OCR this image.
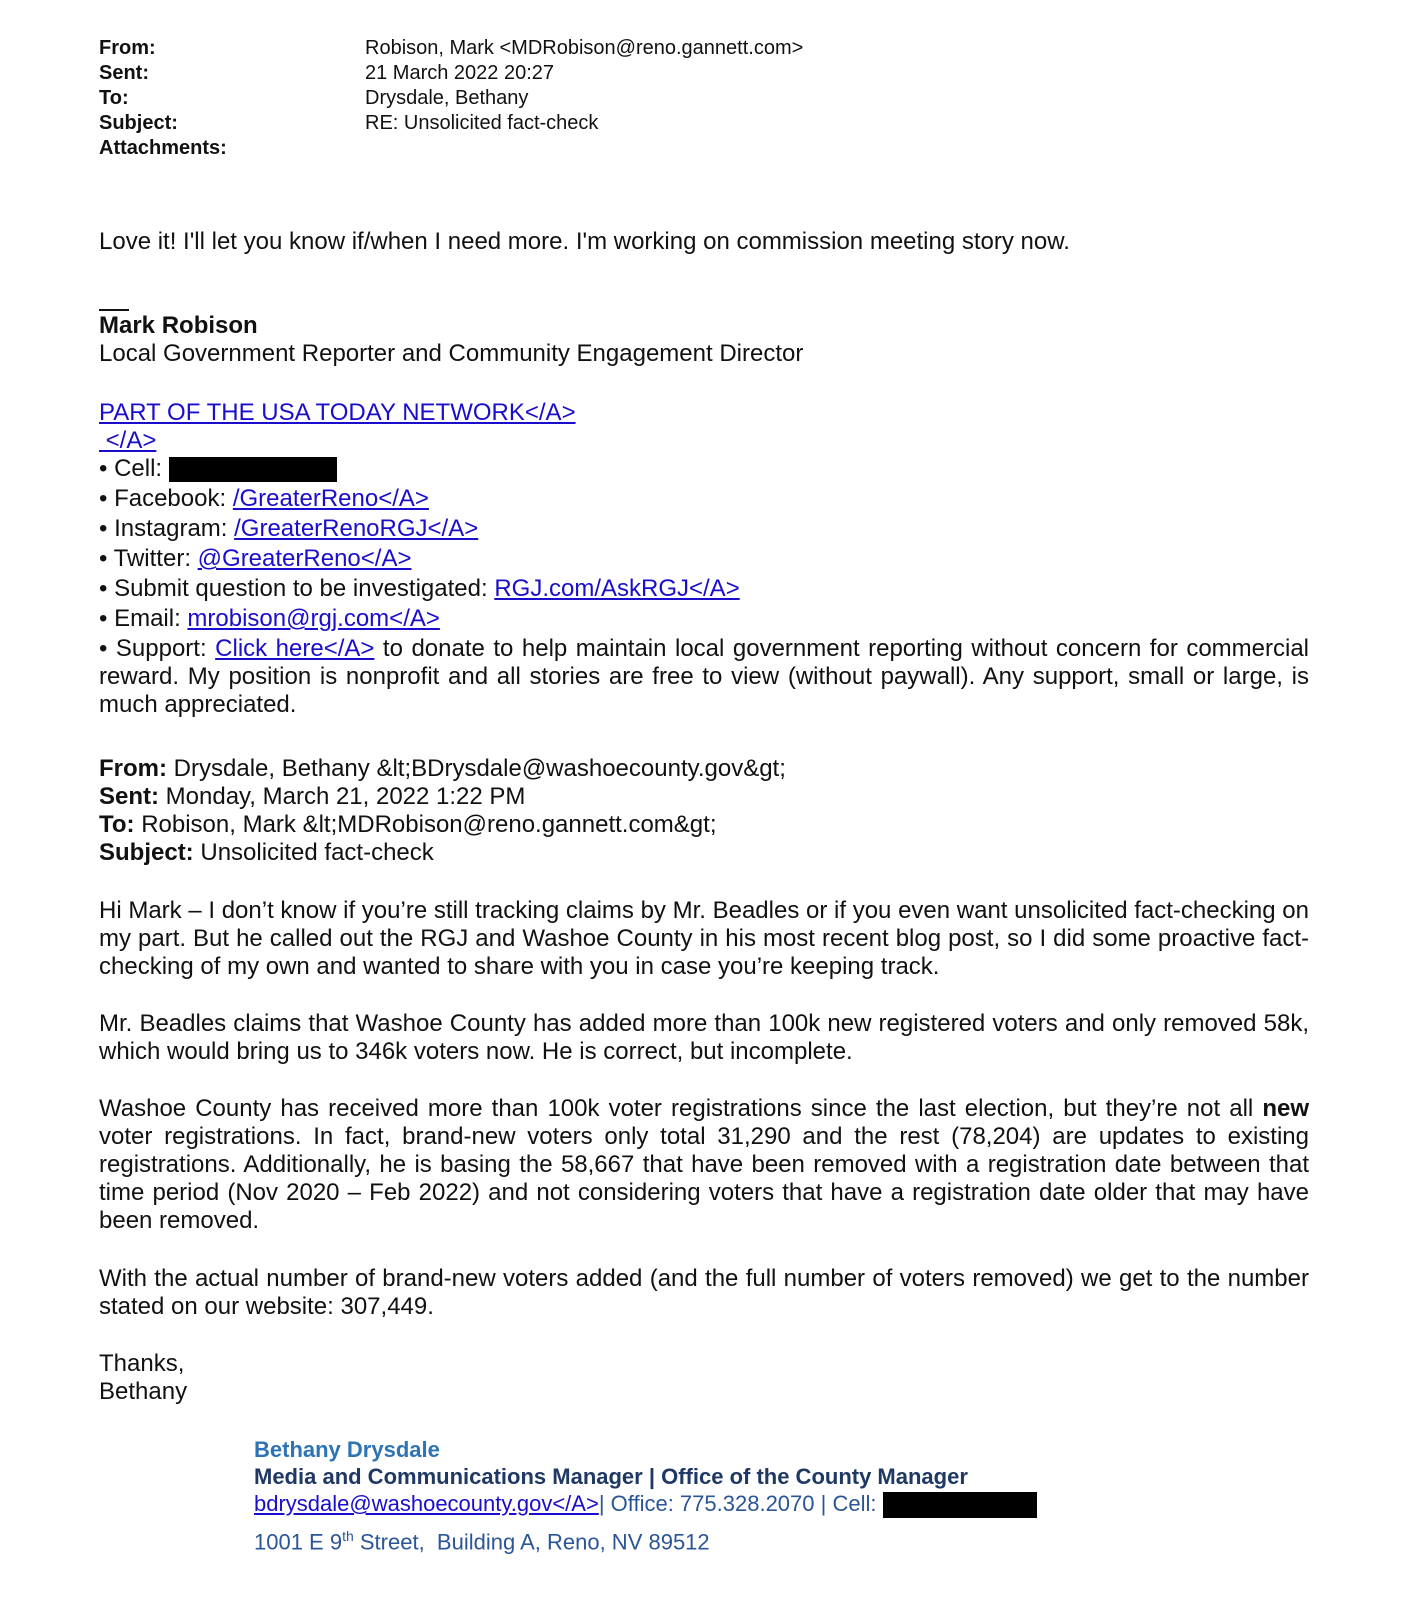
From:	Robison, Mark <MDRobison@reno.gannett.com>
Sent:	21 March 2022 20:27
To:	Drysdale, Bethany
Subject:	RE: Unsolicited fact-check
Attachments:
Love it! I'll let you know if/when I need more. I'm working on commission meeting story now.
Mark Robison
Local Government Reporter and Community Engagement Director
PART OF THE USA TODAY NETWORK</A>
</A>
• Cell:
• Facebook: /GreaterReno</A>
• Instagram: /GreaterRenoRGJ</A>
• Twitter: @GreaterReno</A>
• Submit question to be investigated: RGJ.com/AskRGJ</A>
• Email: mrobison@rgj.com</A>
• Support: Click here</A> to donate to help maintain local government reporting without concern for commercial reward. My position is nonprofit and all stories are free to view (without paywall). Any support, small or large, is much appreciated.
From: Drysdale, Bethany &lt;BDrysdale@washoecounty.gov&gt;
Sent: Monday, March 21, 2022 1:22 PM
To: Robison, Mark &lt;MDRobison@reno.gannett.com&gt;
Subject: Unsolicited fact-check
Hi Mark – I don’t know if you’re still tracking claims by Mr. Beadles or if you even want unsolicited fact-checking on my part. But he called out the RGJ and Washoe County in his most recent blog post, so I did some proactive fact-checking of my own and wanted to share with you in case you’re keeping track.
Mr. Beadles claims that Washoe County has added more than 100k new registered voters and only removed 58k, which would bring us to 346k voters now. He is correct, but incomplete.
Washoe County has received more than 100k voter registrations since the last election, but they’re not all new voter registrations. In fact, brand-new voters only total 31,290 and the rest (78,204) are updates to existing registrations. Additionally, he is basing the 58,667 that have been removed with a registration date between that time period (Nov 2020 – Feb 2022) and not considering voters that have a registration date older that may have been removed.
With the actual number of brand-new voters added (and the full number of voters removed) we get to the number stated on our website: 307,449.
Thanks,
Bethany
Bethany Drysdale
Media and Communications Manager | Office of the County Manager
bdrysdale@washoecounty.gov</A>| Office: 775.328.2070 | Cell:
1001 E 9th Street,  Building A, Reno, NV 89512
